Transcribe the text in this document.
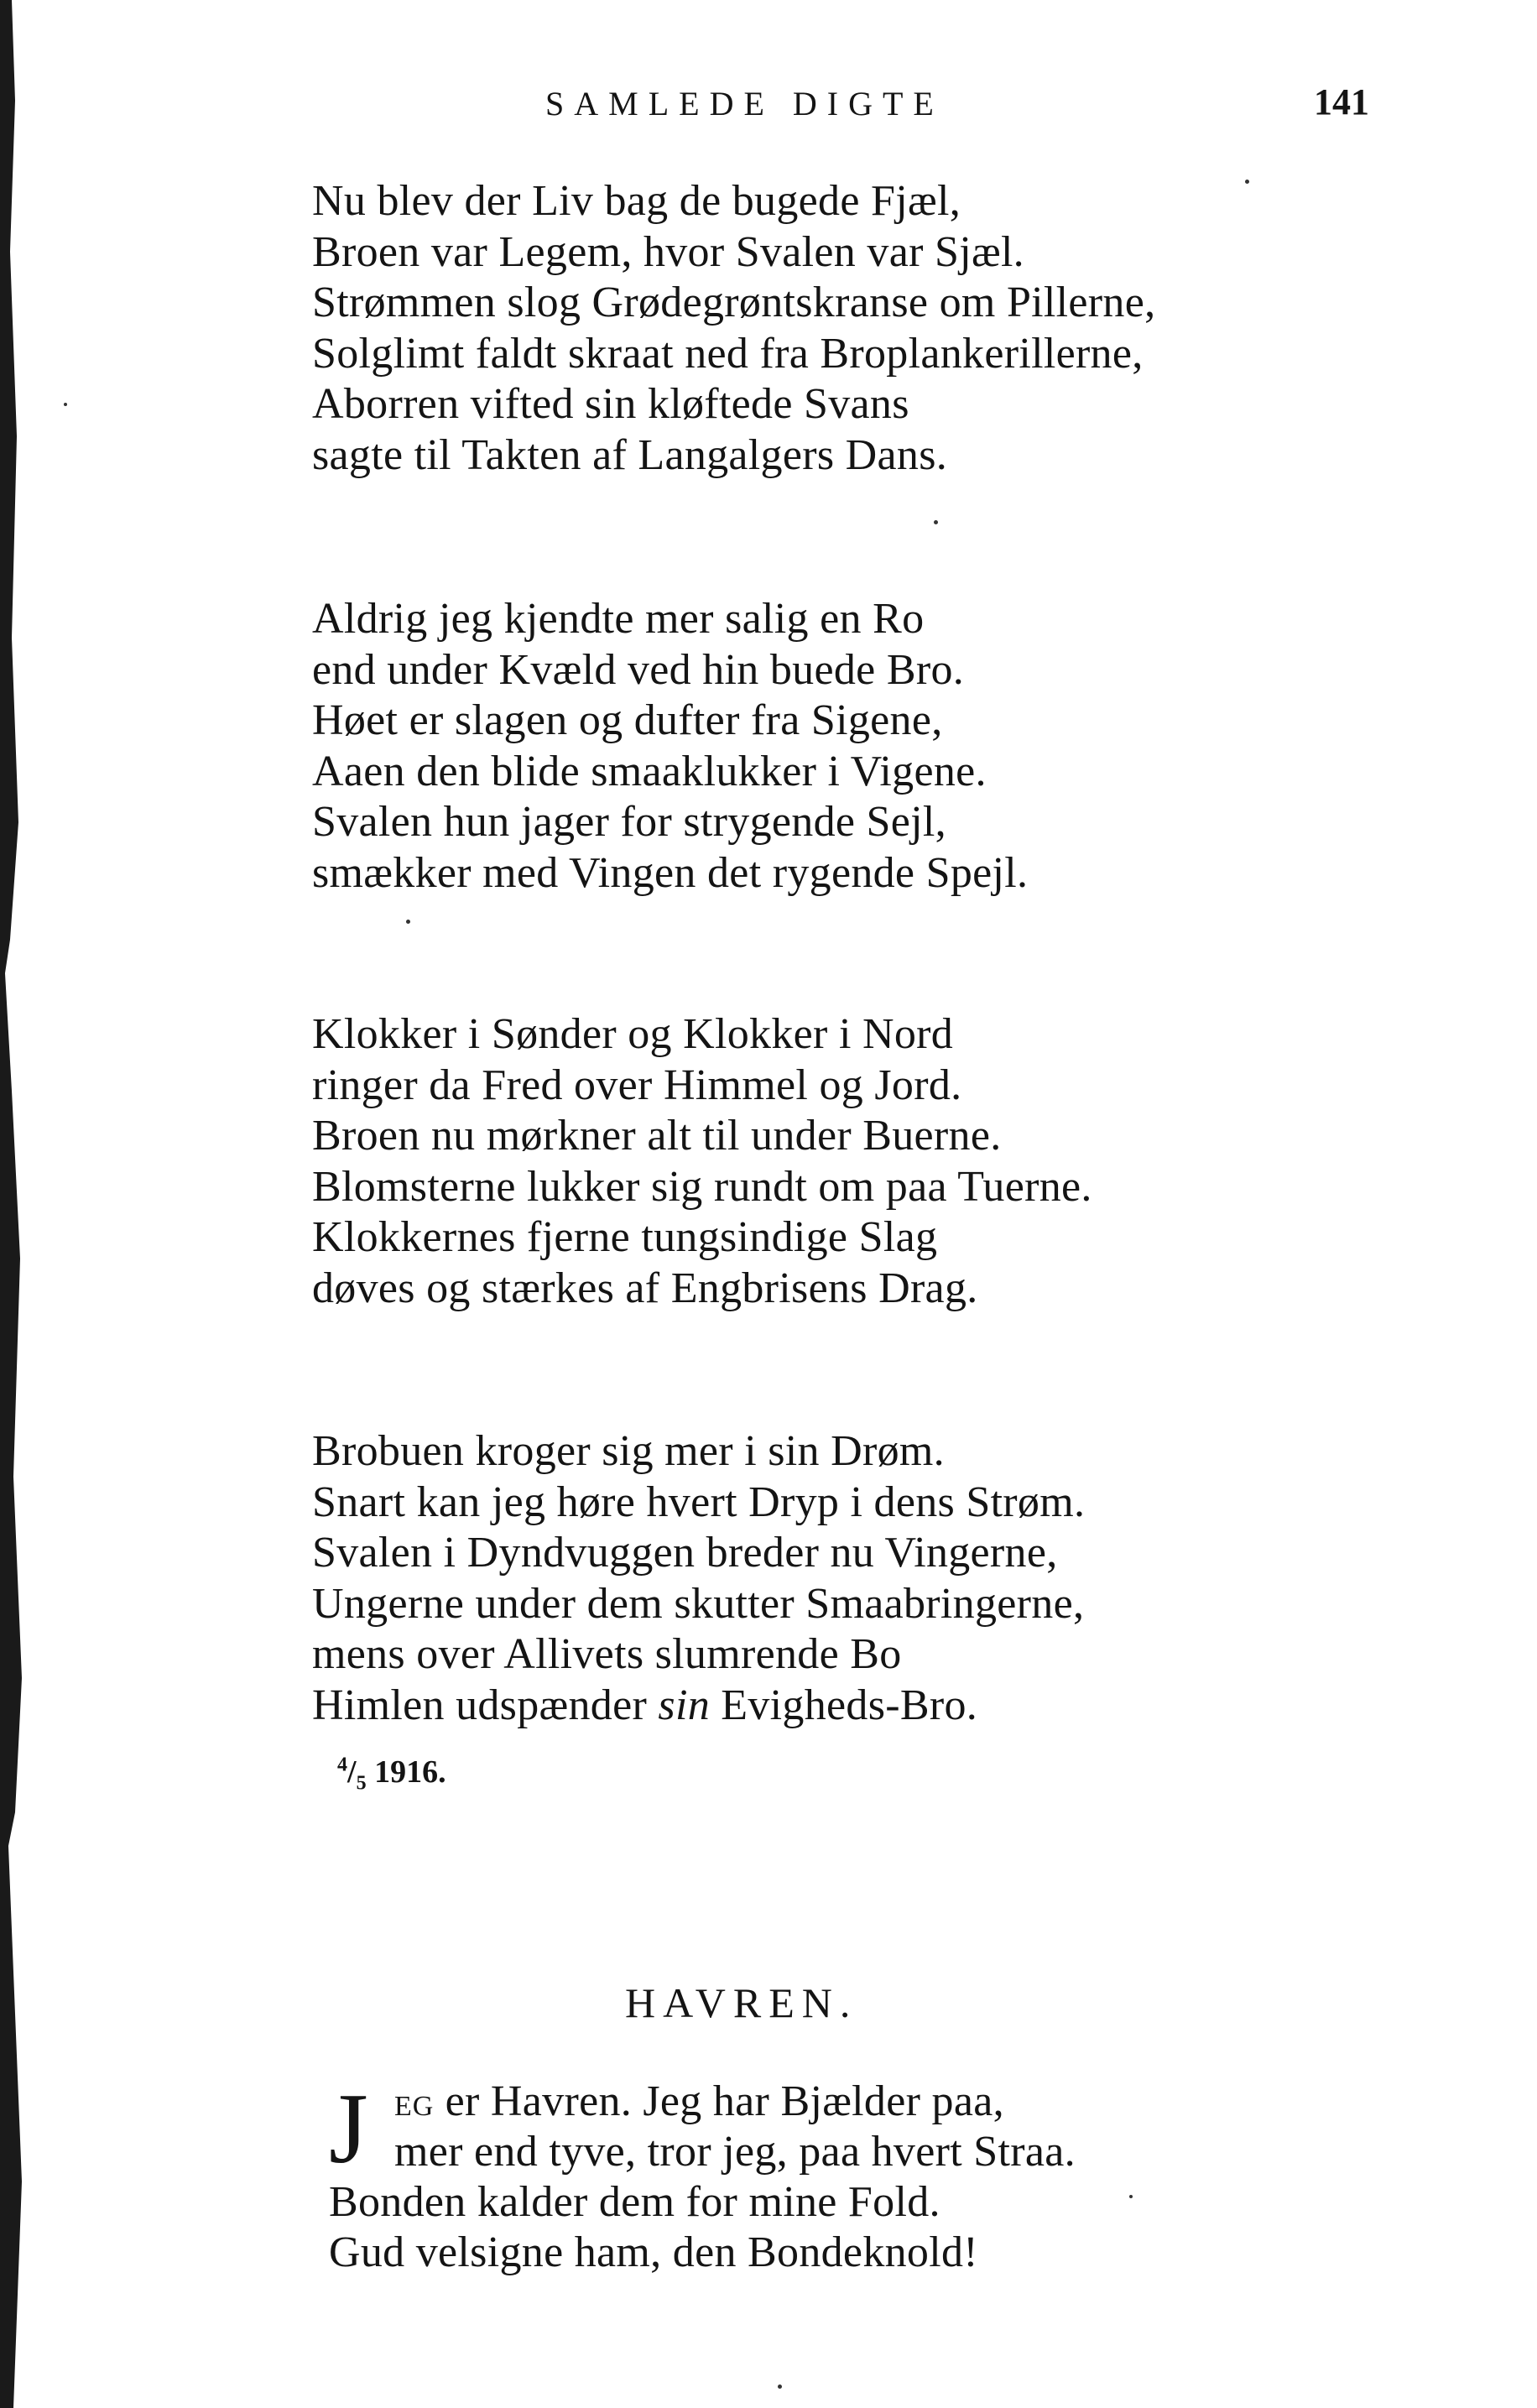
SAMLEDE DIGTE	141
Nu blev der Liv bag de bugede Fjæl,
Broen var Legem, hvor Svalen var Sjæl.
Strømmen slog Grødegrøntskranse om Pillerne,
Solglimt faldt skraat ned fra Broplankerillerne,
Aborren vifted sin kløftede Svans
sagte til Takten af Langalgers Dans.
Aldrig jeg kjendte mer salig en Ro
end under Kvæld ved hin buede Bro.
Høet er slagen og dufter fra Sigene,
Aaen den blide smaaklukker i Vigene.
Svalen hun jager for strygende Sejl,
smækker med Vingen det rygende Spejl.
Klokker i Sønder og Klokker i Nord
ringer da Fred over Himmel og Jord.
Broen nu mørkner alt til under Buerne.
Blomsterne lukker sig rundt om paa Tuerne.
Klokkernes fjerne tungsindige Slag
døves og stærkes af Engbrisens Drag.
Brobuen kroger sig mer i sin Drøm.
Snart kan jeg høre hvert Dryp i dens Strøm.
Svalen i Dyndvuggen breder nu Vingerne,
Ungerne under dem skutter Smaabringerne,
mens over Allivets slumrende Bo
Himlen udspænder sin Evigheds-Bro.
$^4/_5$ 1916.
HAVREN.
J EG er Havren. Jeg har Bjælder paa,
mer end tyve, tror jeg, paa hvert Straa.
Bonden kalder dem for mine Fold.
Gud velsigne ham, den Bondeknold!
